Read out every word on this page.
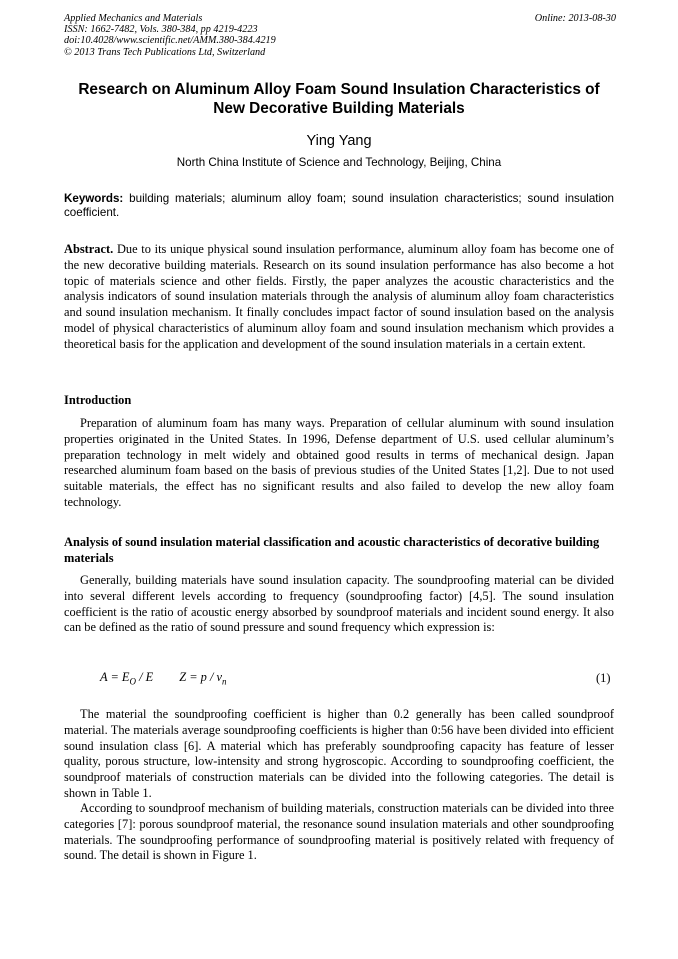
Applied Mechanics and Materials
ISSN: 1662-7482, Vols. 380-384, pp 4219-4223
doi:10.4028/www.scientific.net/AMM.380-384.4219
© 2013 Trans Tech Publications Ltd, Switzerland
Online: 2013-08-30
Research on Aluminum Alloy Foam Sound Insulation Characteristics of
New Decorative Building Materials
Ying Yang
North China Institute of Science and Technology, Beijing, China
Keywords: building materials; aluminum alloy foam; sound insulation characteristics; sound insulation coefficient.
Abstract. Due to its unique physical sound insulation performance, aluminum alloy foam has become one of the new decorative building materials. Research on its sound insulation performance has also become a hot topic of materials science and other fields. Firstly, the paper analyzes the acoustic characteristics and the analysis indicators of sound insulation materials through the analysis of aluminum alloy foam characteristics and sound insulation mechanism. It finally concludes impact factor of sound insulation based on the analysis model of physical characteristics of aluminum alloy foam and sound insulation mechanism which provides a theoretical basis for the application and development of the sound insulation materials in a certain extent.
Introduction
Preparation of aluminum foam has many ways. Preparation of cellular aluminum with sound insulation properties originated in the United States. In 1996, Defense department of U.S. used cellular aluminum’s preparation technology in melt widely and obtained good results in terms of mechanical design. Japan researched aluminum foam based on the basis of previous studies of the United States [1,2]. Due to not used suitable materials, the effect has no significant results and also failed to develop the new alloy foam technology.
Analysis of sound insulation material classification and acoustic characteristics of decorative building materials
Generally, building materials have sound insulation capacity. The soundproofing material can be divided into several different levels according to frequency (soundproofing factor) [4,5]. The sound insulation coefficient is the ratio of acoustic energy absorbed by soundproof materials and incident sound energy. It also can be defined as the ratio of sound pressure and sound frequency which expression is:
$A = E_O / E$ $Z = p / v_n$	(1)
The material the soundproofing coefficient is higher than 0.2 generally has been called soundproof material. The materials average soundproofing coefficients is higher than 0:56 have been divided into efficient sound insulation class [6]. A material which has preferably soundproofing capacity has feature of lesser quality, porous structure, low-intensity and strong hygroscopic. According to soundproofing coefficient, the soundproof materials of construction materials can be divided into the following categories. The detail is shown in Table 1.
According to soundproof mechanism of building materials, construction materials can be divided into three categories [7]: porous soundproof material, the resonance sound insulation materials and other soundproofing materials. The soundproofing performance of soundproofing material is positively related with frequency of sound. The detail is shown in Figure 1.
